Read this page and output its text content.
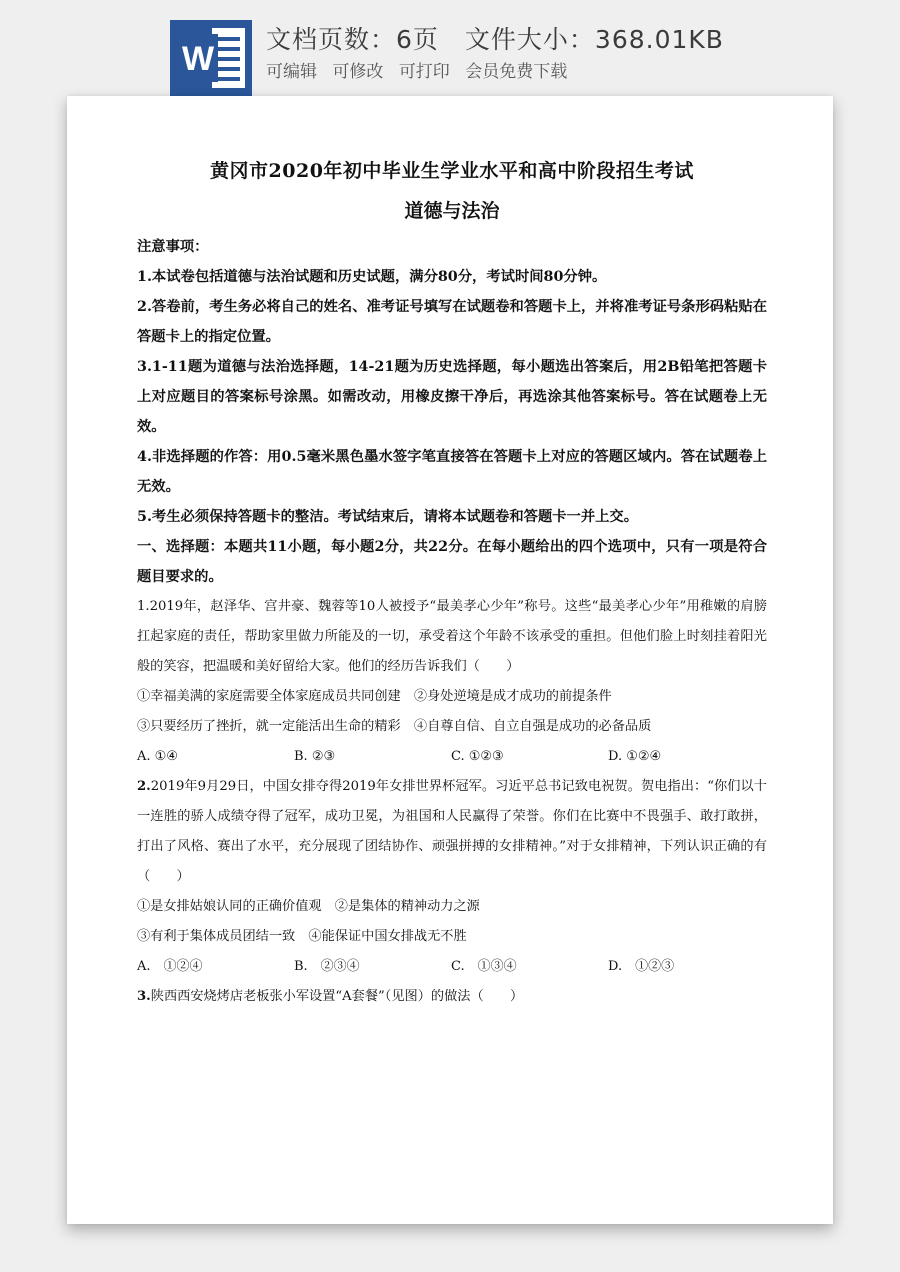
W
文档页数：6页 文件大小：368.01KB
可编辑 可修改 可打印 会员免费下载
黄冈市2020年初中毕业生学业水平和高中阶段招生考试
道德与法治

注意事项：

1.本试卷包括道德与法治试题和历史试题，满分80分，考试时间80分钟。

2.答卷前，考生务必将自己的姓名、准考证号填写在试题卷和答题卡上，并将准考证号条形码粘贴在答题卡上的指定位置。

3.1-11题为道德与法治选择题，14-21题为历史选择题，每小题选出答案后，用2B铅笔把答题卡上对应题目的答案标号涂黑。如需改动，用橡皮擦干净后，再选涂其他答案标号。答在试题卷上无效。

4.非选择题的作答：用0.5毫米黑色墨水签字笔直接答在答题卡上对应的答题区域内。答在试题卷上无效。

5.考生必须保持答题卡的整洁。考试结束后，请将本试题卷和答题卡一并上交。

一、选择题：本题共11小题，每小题2分，共22分。在每小题给出的四个选项中，只有一项是符合题目要求的。

1.2019年，赵泽华、宫井豪、魏蓉等10人被授予“最美孝心少年”称号。这些“最美孝心少年”用稚嫩的肩膀扛起家庭的责任，帮助家里做力所能及的一切，承受着这个年龄不该承受的重担。但他们脸上时刻挂着阳光般的笑容，把温暖和美好留给大家。他们的经历告诉我们（　　）

①幸福美满的家庭需要全体家庭成员共同创建　②身处逆境是成才成功的前提条件
③只要经历了挫折，就一定能活出生命的精彩　④自尊自信、自立自强是成功的必备品质
A. ①④	B. ②③	C. ①②③	D. ①②④

2.2019年9月29日，中国女排夺得2019年女排世界杯冠军。习近平总书记致电祝贺。贺电指出：“你们以十一连胜的骄人成绩夺得了冠军，成功卫冕，为祖国和人民赢得了荣誉。你们在比赛中不畏强手、敢打敢拼，打出了风格、赛出了水平，充分展现了团结协作、顽强拼搏的女排精神。”对于女排精神，下列认识正确的有（　　）

①是女排姑娘认同的正确价值观　②是集体的精神动力之源
③有利于集体成员团结一致　④能保证中国女排战无不胜
A.　①②④	B.　②③④	C.　①③④	D.　①②③

3.陕西西安烧烤店老板张小军设置“A套餐”（见图）的做法（　　）
